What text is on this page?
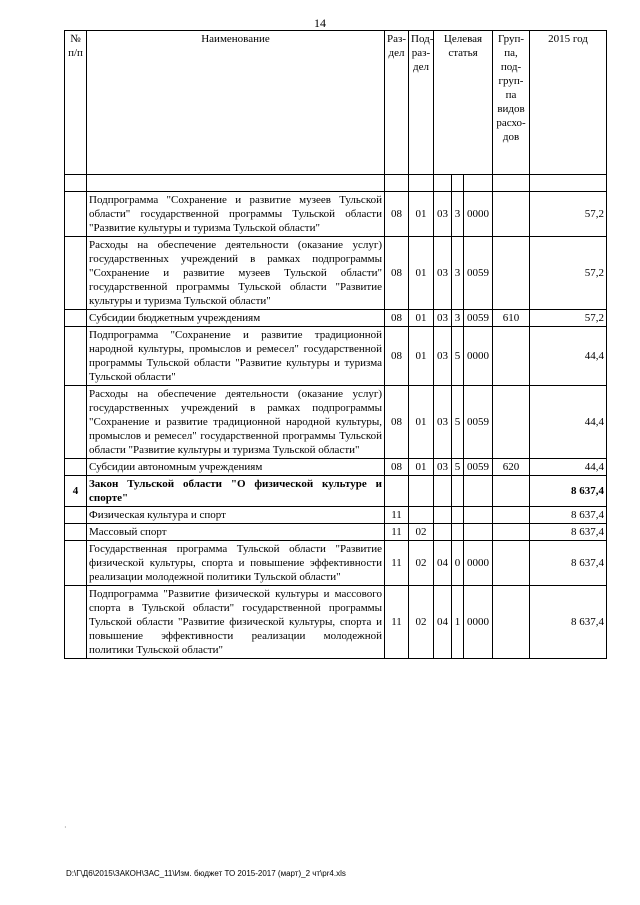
14
№ п/п	Наименование	Раз-дел	Под-раз-дел	Целевая статья			Груп-па, под-груп-па видов расхо-дов	2015 год

	Подпрограмма "Сохранение и развитие музеев Тульской области" государственной программы Тульской области "Развитие культуры и туризма Тульской области"	08	01	03	3	0000		57,2
	Расходы на обеспечение деятельности (оказание услуг) государственных учреждений в рамках подпрограммы "Сохранение и развитие музеев Тульской области" государственной программы Тульской области "Развитие культуры и туризма Тульской области"	08	01	03	3	0059		57,2
	Субсидии бюджетным учреждениям	08	01	03	3	0059	610	57,2
	Подпрограмма "Сохранение и развитие традиционной народной культуры, промыслов и ремесел" государственной программы Тульской области "Развитие культуры и туризма Тульской области"	08	01	03	5	0000		44,4
	Расходы на обеспечение деятельности (оказание услуг) государственных учреждений в рамках подпрограммы "Сохранение и развитие традиционной народной культуры, промыслов и ремесел" государственной программы Тульской области "Развитие культуры и туризма Тульской области"	08	01	03	5	0059		44,4
	Субсидии автономным учреждениям	08	01	03	5	0059	620	44,4
4	Закон Тульской области "О физической культуре и спорте"							8 637,4
	Физическая культура и спорт	11						8 637,4
	Массовый спорт	11	02					8 637,4
	Государственная программа Тульской области "Развитие физической культуры, спорта и повышение эффективности реализации молодежной политики Тульской области"	11	02	04	0	0000		8 637,4
	Подпрограмма "Развитие физической культуры и массового спорта в Тульской области" государственной программы Тульской области "Развитие физической культуры, спорта и повышение эффективности реализации молодежной политики Тульской области"	11	02	04	1	0000		8 637,4
·
D:\Г\Д6\2015\ЗАКОН\ЗАС_11\Изм. бюджет ТО 2015-2017 (март)_2 чт\pr4.xls
